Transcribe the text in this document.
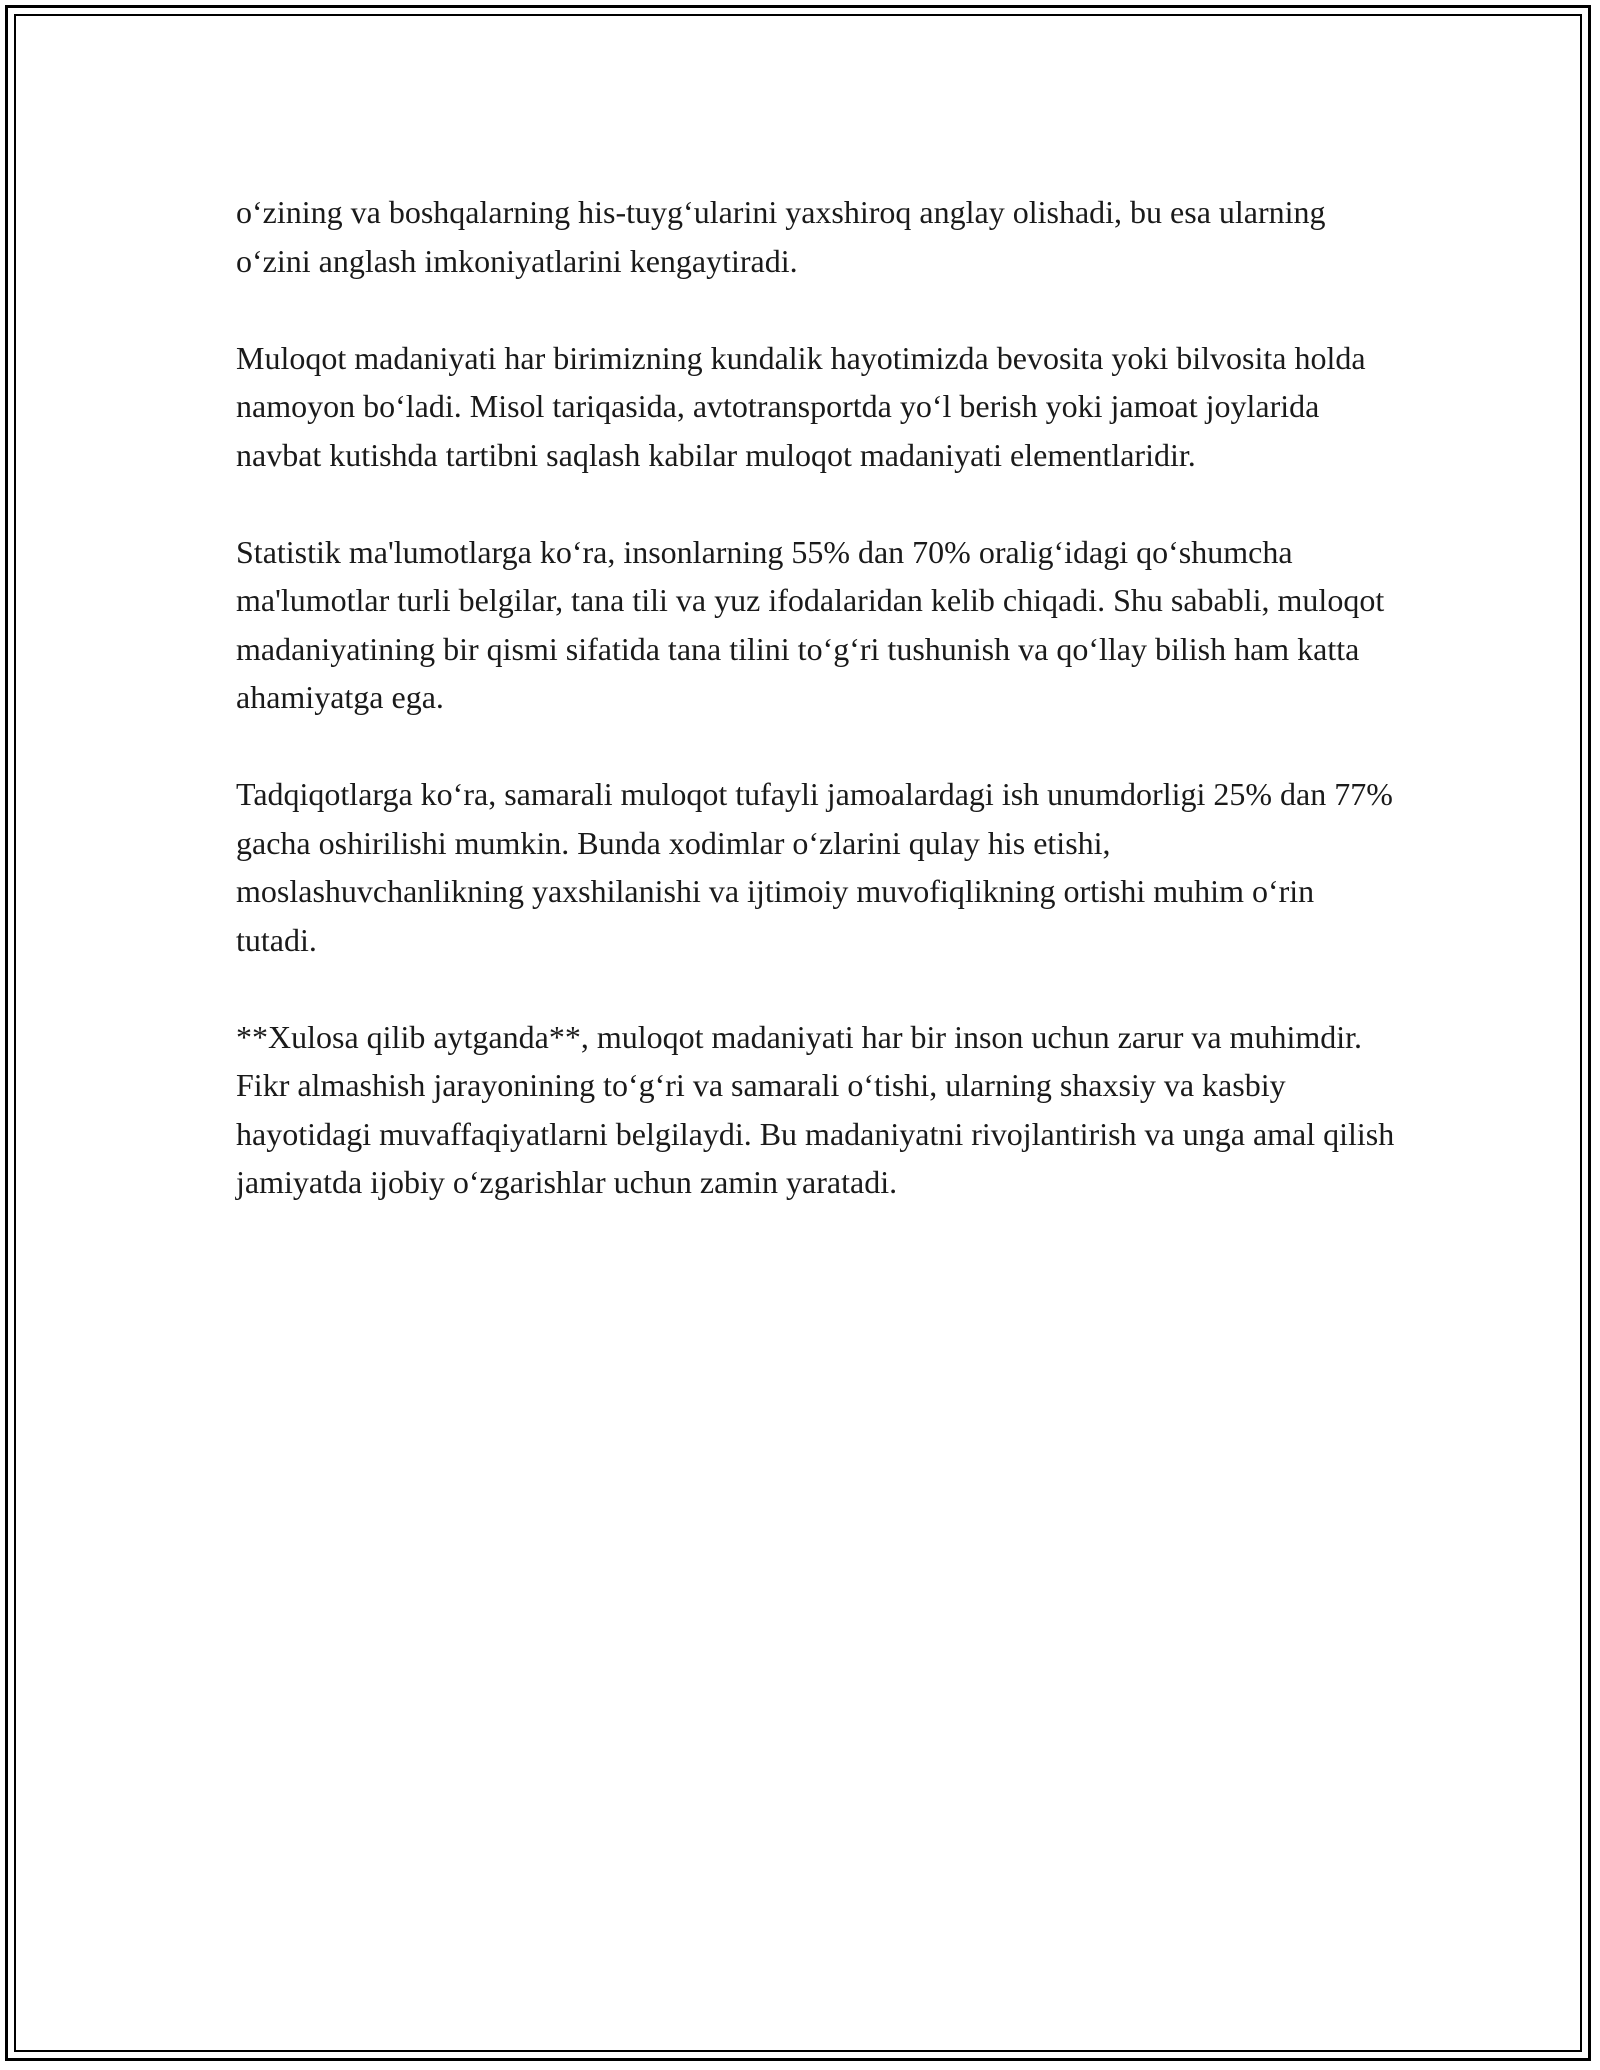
o‘zining va boshqalarning his-tuyg‘ularini yaxshiroq anglay olishadi, bu esa ularning o‘zini anglash imkoniyatlarini kengaytiradi.

Muloqot madaniyati har birimizning kundalik hayotimizda bevosita yoki bilvosita holda namoyon bo‘ladi. Misol tariqasida, avtotransportda yo‘l berish yoki jamoat joylarida navbat kutishda tartibni saqlash kabilar muloqot madaniyati elementlaridir.

Statistik ma'lumotlarga ko‘ra, insonlarning 55% dan 70% oralig‘idagi qo‘shumcha ma'lumotlar turli belgilar, tana tili va yuz ifodalaridan kelib chiqadi. Shu sababli, muloqot madaniyatining bir qismi sifatida tana tilini to‘g‘ri tushunish va qo‘llay bilish ham katta ahamiyatga ega.

Tadqiqotlarga ko‘ra, samarali muloqot tufayli jamoalardagi ish unumdorligi 25% dan 77% gacha oshirilishi mumkin. Bunda xodimlar o‘zlarini qulay his etishi, moslashuvchanlikning yaxshilanishi va ijtimoiy muvofiqlikning ortishi muhim o‘rin tutadi.

**Xulosa qilib aytganda**, muloqot madaniyati har bir inson uchun zarur va muhimdir. Fikr almashish jarayonining to‘g‘ri va samarali o‘tishi, ularning shaxsiy va kasbiy hayotidagi muvaffaqiyatlarni belgilaydi. Bu madaniyatni rivojlantirish va unga amal qilish jamiyatda ijobiy o‘zgarishlar uchun zamin yaratadi.
